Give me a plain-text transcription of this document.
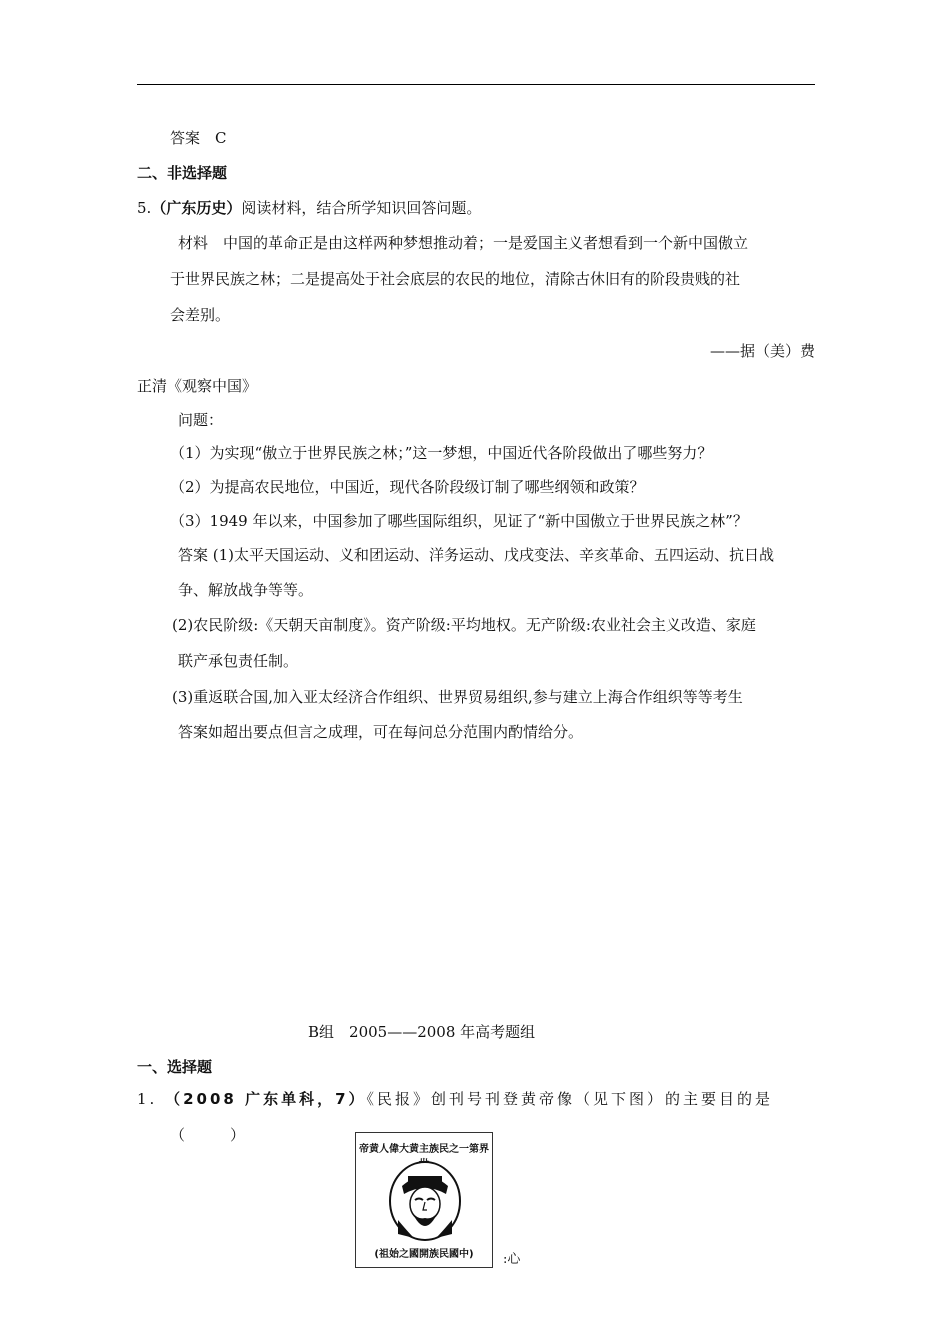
答案　C
二、非选择题
5.（广东历史）阅读材料，结合所学知识回答问题。
材料　中国的革命正是由这样两种梦想推动着；一是爱国主义者想看到一个新中国傲立
于世界民族之林；二是提高处于社会底层的农民的地位，清除古休旧有的阶段贵贱的社
会差别。
——据（美）费
正清《观察中国》
问题：
（1）为实现“傲立于世界民族之林；”这一梦想，中国近代各阶段做出了哪些努力？
（2）为提高农民地位，中国近，现代各阶段级订制了哪些纲领和政策？
（3）1949 年以来，中国参加了哪些国际组织，见证了“新中国傲立于世界民族之林”？
答案 (1)太平天国运动、义和团运动、洋务运动、戊戌变法、辛亥革命、五四运动、抗日战
争、解放战争等等。
(2)农民阶级:《天朝天亩制度》。资产阶级:平均地权。无产阶级:农业社会主义改造、家庭
联产承包责任制。
(3)重返联合国,加入亚太经济合作组织、世界贸易组织,参与建立上海合作组织等等考生
答案如超出要点但言之成理，可在每问总分范围内酌情给分。
B组　2005——2008 年高考题组
一、选择题
1. （2008 广东单科，7）《民报》创刊号刊登黄帝像（见下图）的主要目的是
（　　　）
帝黄人偉大黄主族民之一第界
(祖始之國開族民國中)	:心
